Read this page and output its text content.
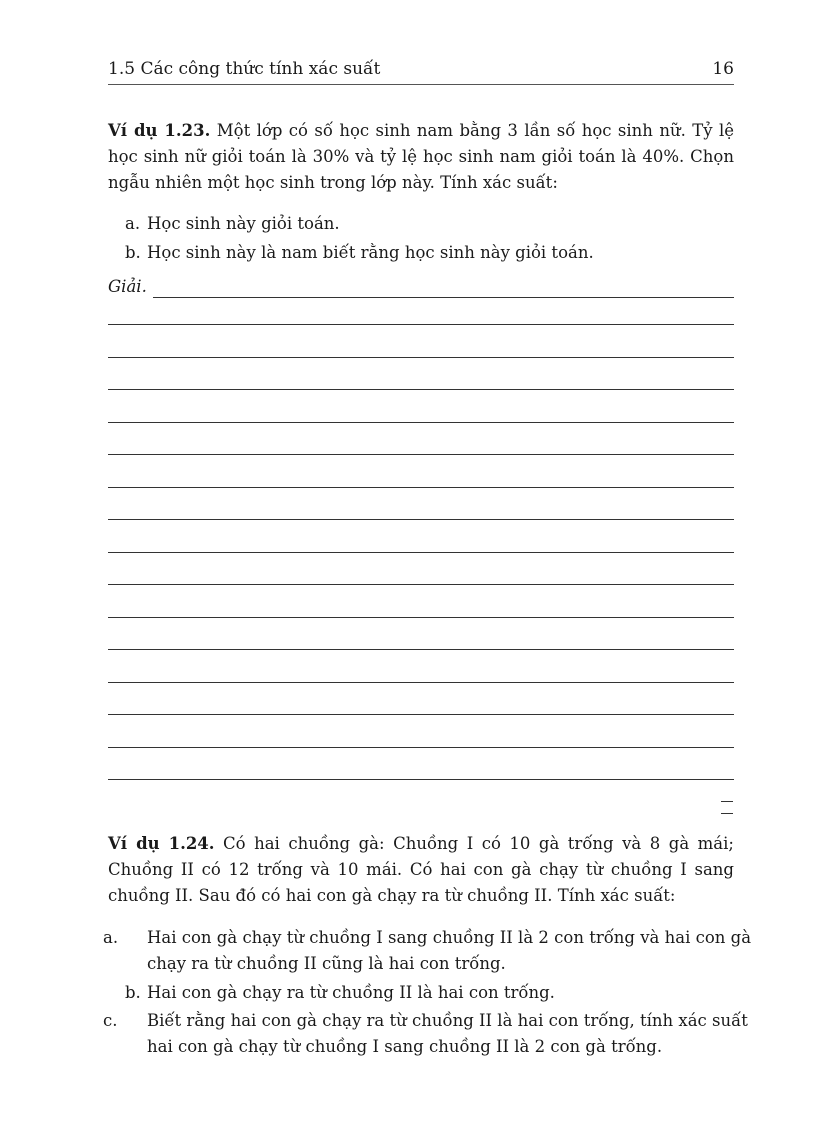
1.5 Các công thức tính xác suất	16
Ví dụ 1.23. Một lớp có số học sinh nam bằng 3 lần số học sinh nữ. Tỷ lệ học sinh nữ giỏi toán là 30% và tỷ lệ học sinh nam giỏi toán là 40%. Chọn ngẫu nhiên một học sinh trong lớp này. Tính xác suất:
a. Học sinh này giỏi toán.
b. Học sinh này là nam biết rằng học sinh này giỏi toán.
Giải.
Ví dụ 1.24. Có hai chuồng gà: Chuồng I có 10 gà trống và 8 gà mái; Chuồng II có 12 trống và 10 mái. Có hai con gà chạy từ chuồng I sang chuồng II. Sau đó có hai con gà chạy ra từ chuồng II. Tính xác suất:
a. Hai con gà chạy từ chuồng I sang chuồng II là 2 con trống và hai con gà chạy ra từ chuồng II cũng là hai con trống.
b. Hai con gà chạy ra từ chuồng II là hai con trống.
c. Biết rằng hai con gà chạy ra từ chuồng II là hai con trống, tính xác suất hai con gà chạy từ chuồng I sang chuồng II là 2 con gà trống.
